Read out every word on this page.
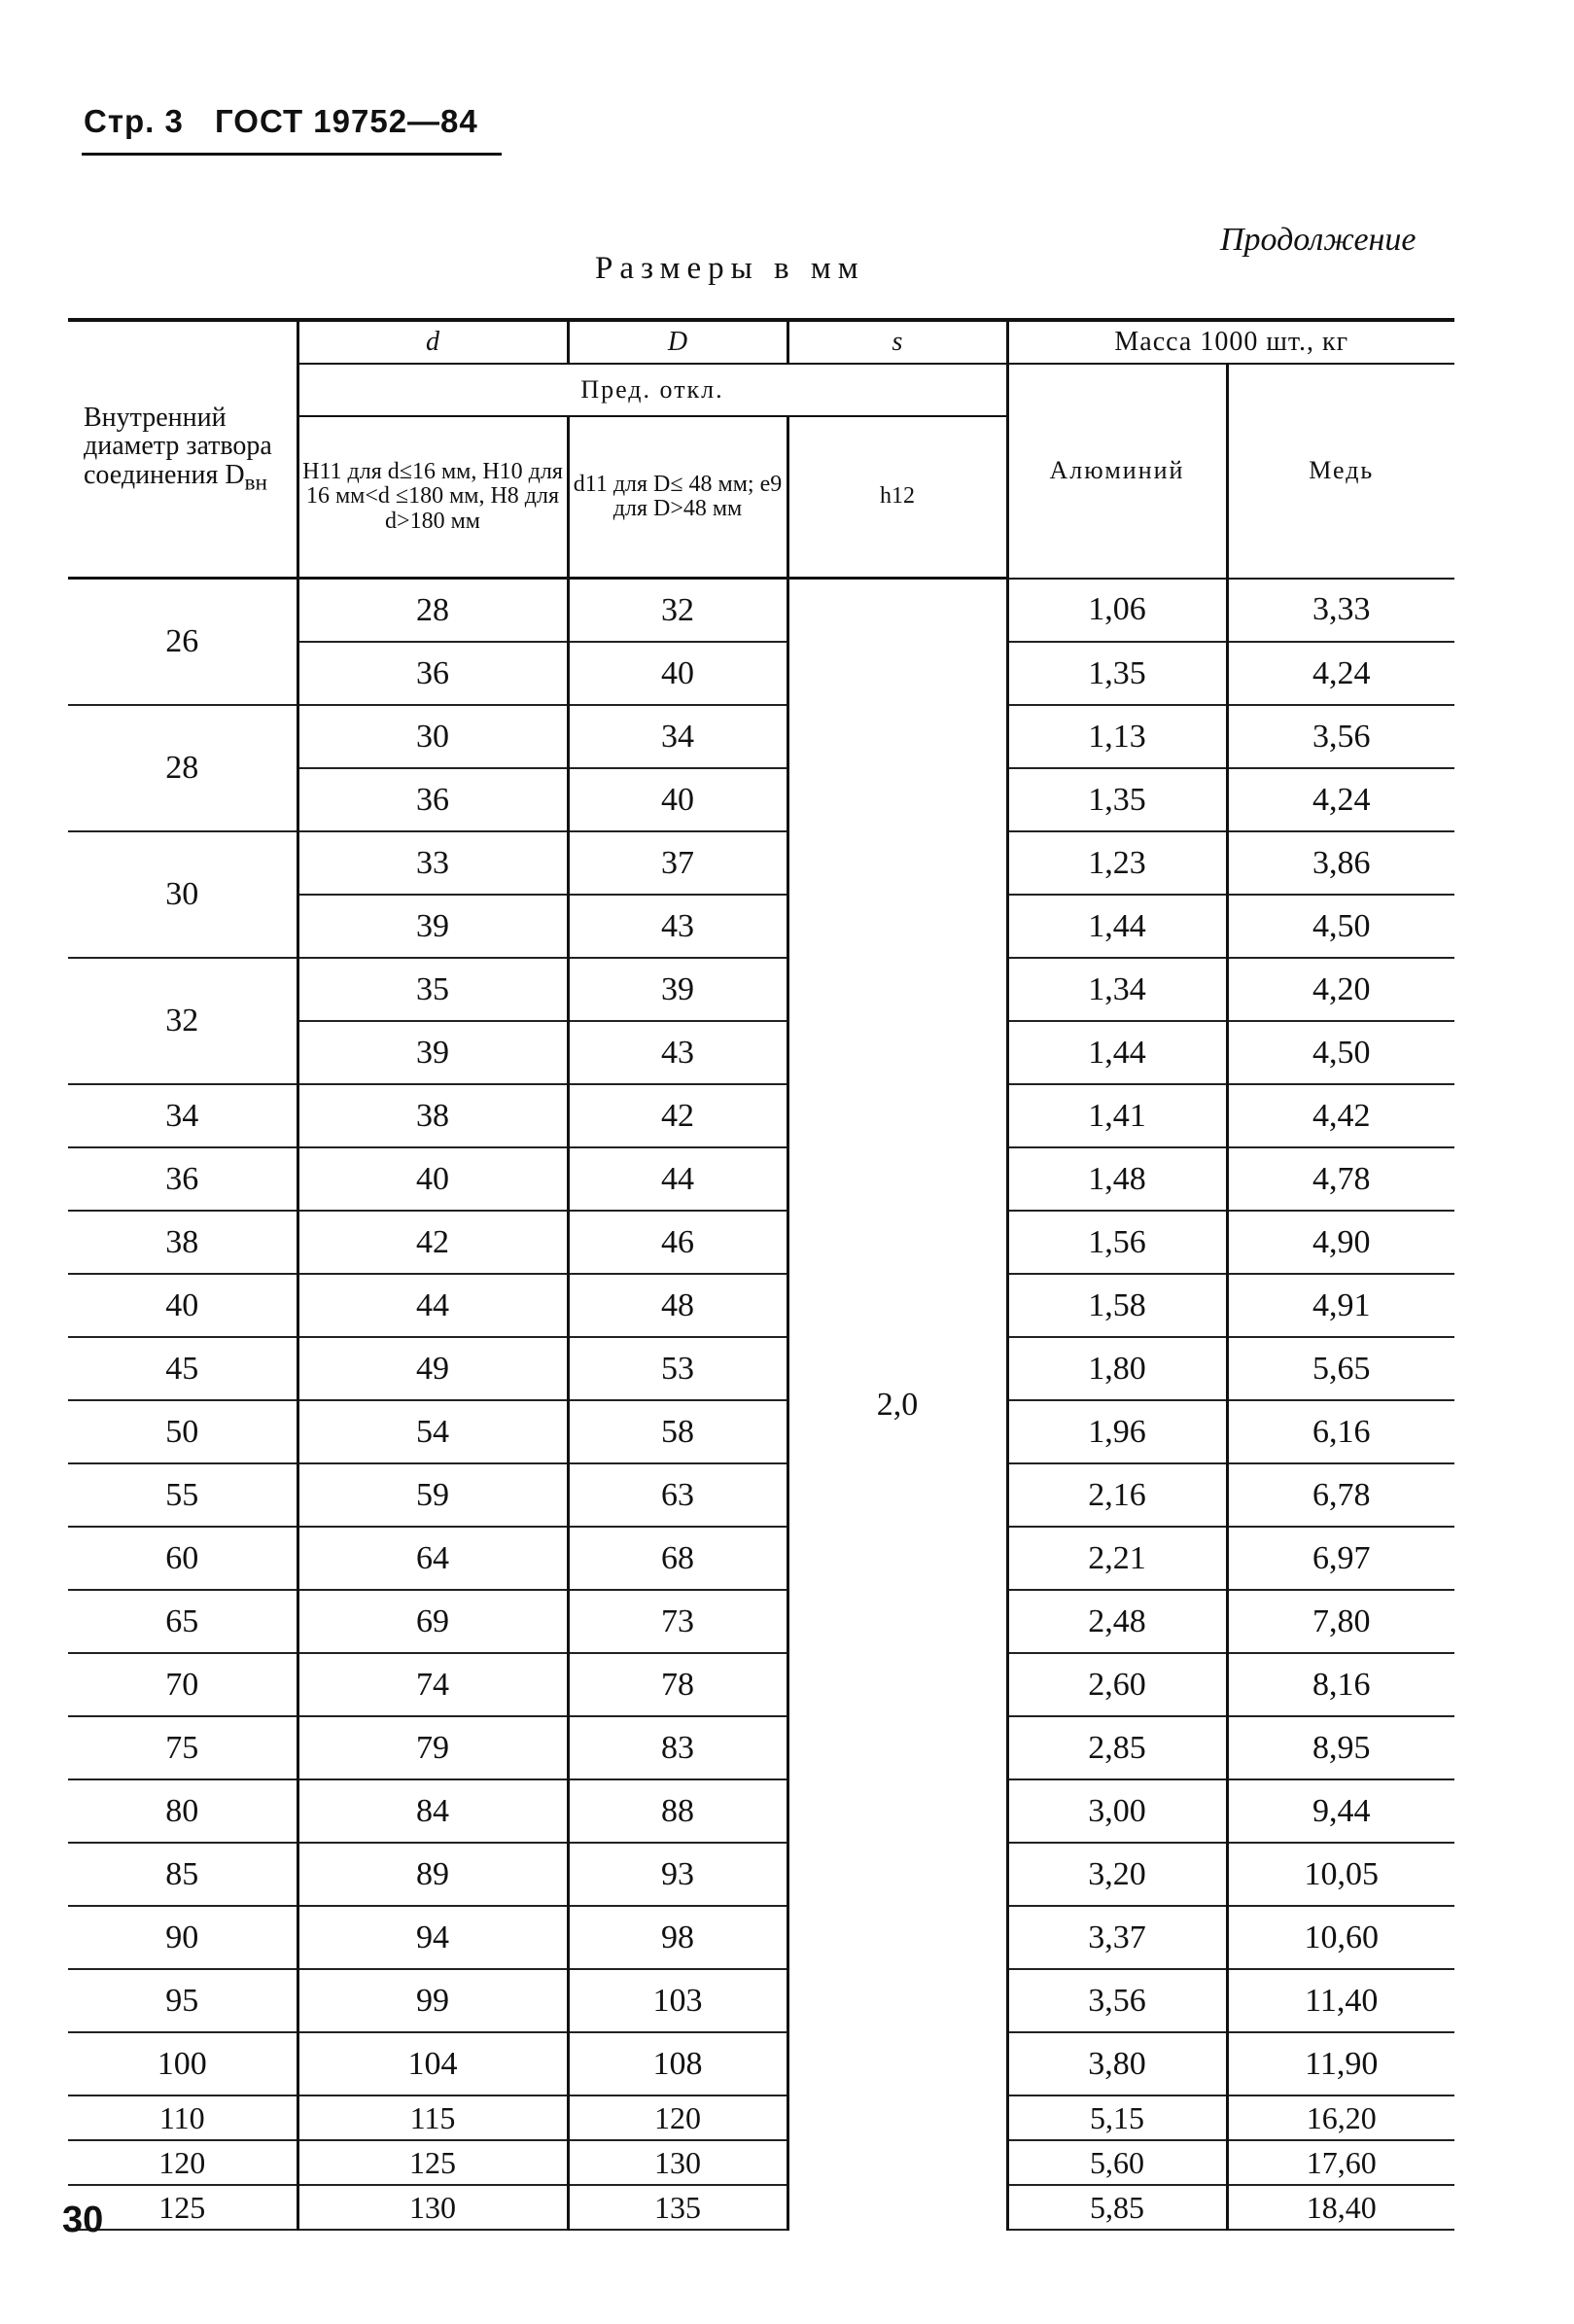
Стр. 3 ГОСТ 19752—84
Продолжение
Размеры в мм
Внутренний диаметр затвора соединения $D_{вн}$	d	D	s	Масса 1000 шт., кг	
	Пред. откл.			Алюминий	Медь
	H11 для d≤16 мм, H10 для 16 мм<d ≤180 мм, H8 для d>180 мм	d11 для D≤ 48 мм; e9 для D>48 мм	h12		
26	28	32	2,0	1,06	3,33
	36	40		1,35	4,24
28	30	34		1,13	3,56
	36	40		1,35	4,24
30	33	37		1,23	3,86
	39	43		1,44	4,50
32	35	39		1,34	4,20
	39	43		1,44	4,50
34	38	42		1,41	4,42
36	40	44		1,48	4,78
38	42	46		1,56	4,90
40	44	48		1,58	4,91
45	49	53		1,80	5,65
50	54	58		1,96	6,16
55	59	63		2,16	6,78
60	64	68		2,21	6,97
65	69	73		2,48	7,80
70	74	78		2,60	8,16
75	79	83		2,85	8,95
80	84	88		3,00	9,44
85	89	93		3,20	10,05
90	94	98		3,37	10,60
95	99	103		3,56	11,40
100	104	108		3,80	11,90
110	115	120		5,15	16,20
120	125	130		5,60	17,60
125	130	135		5,85	18,40
30
